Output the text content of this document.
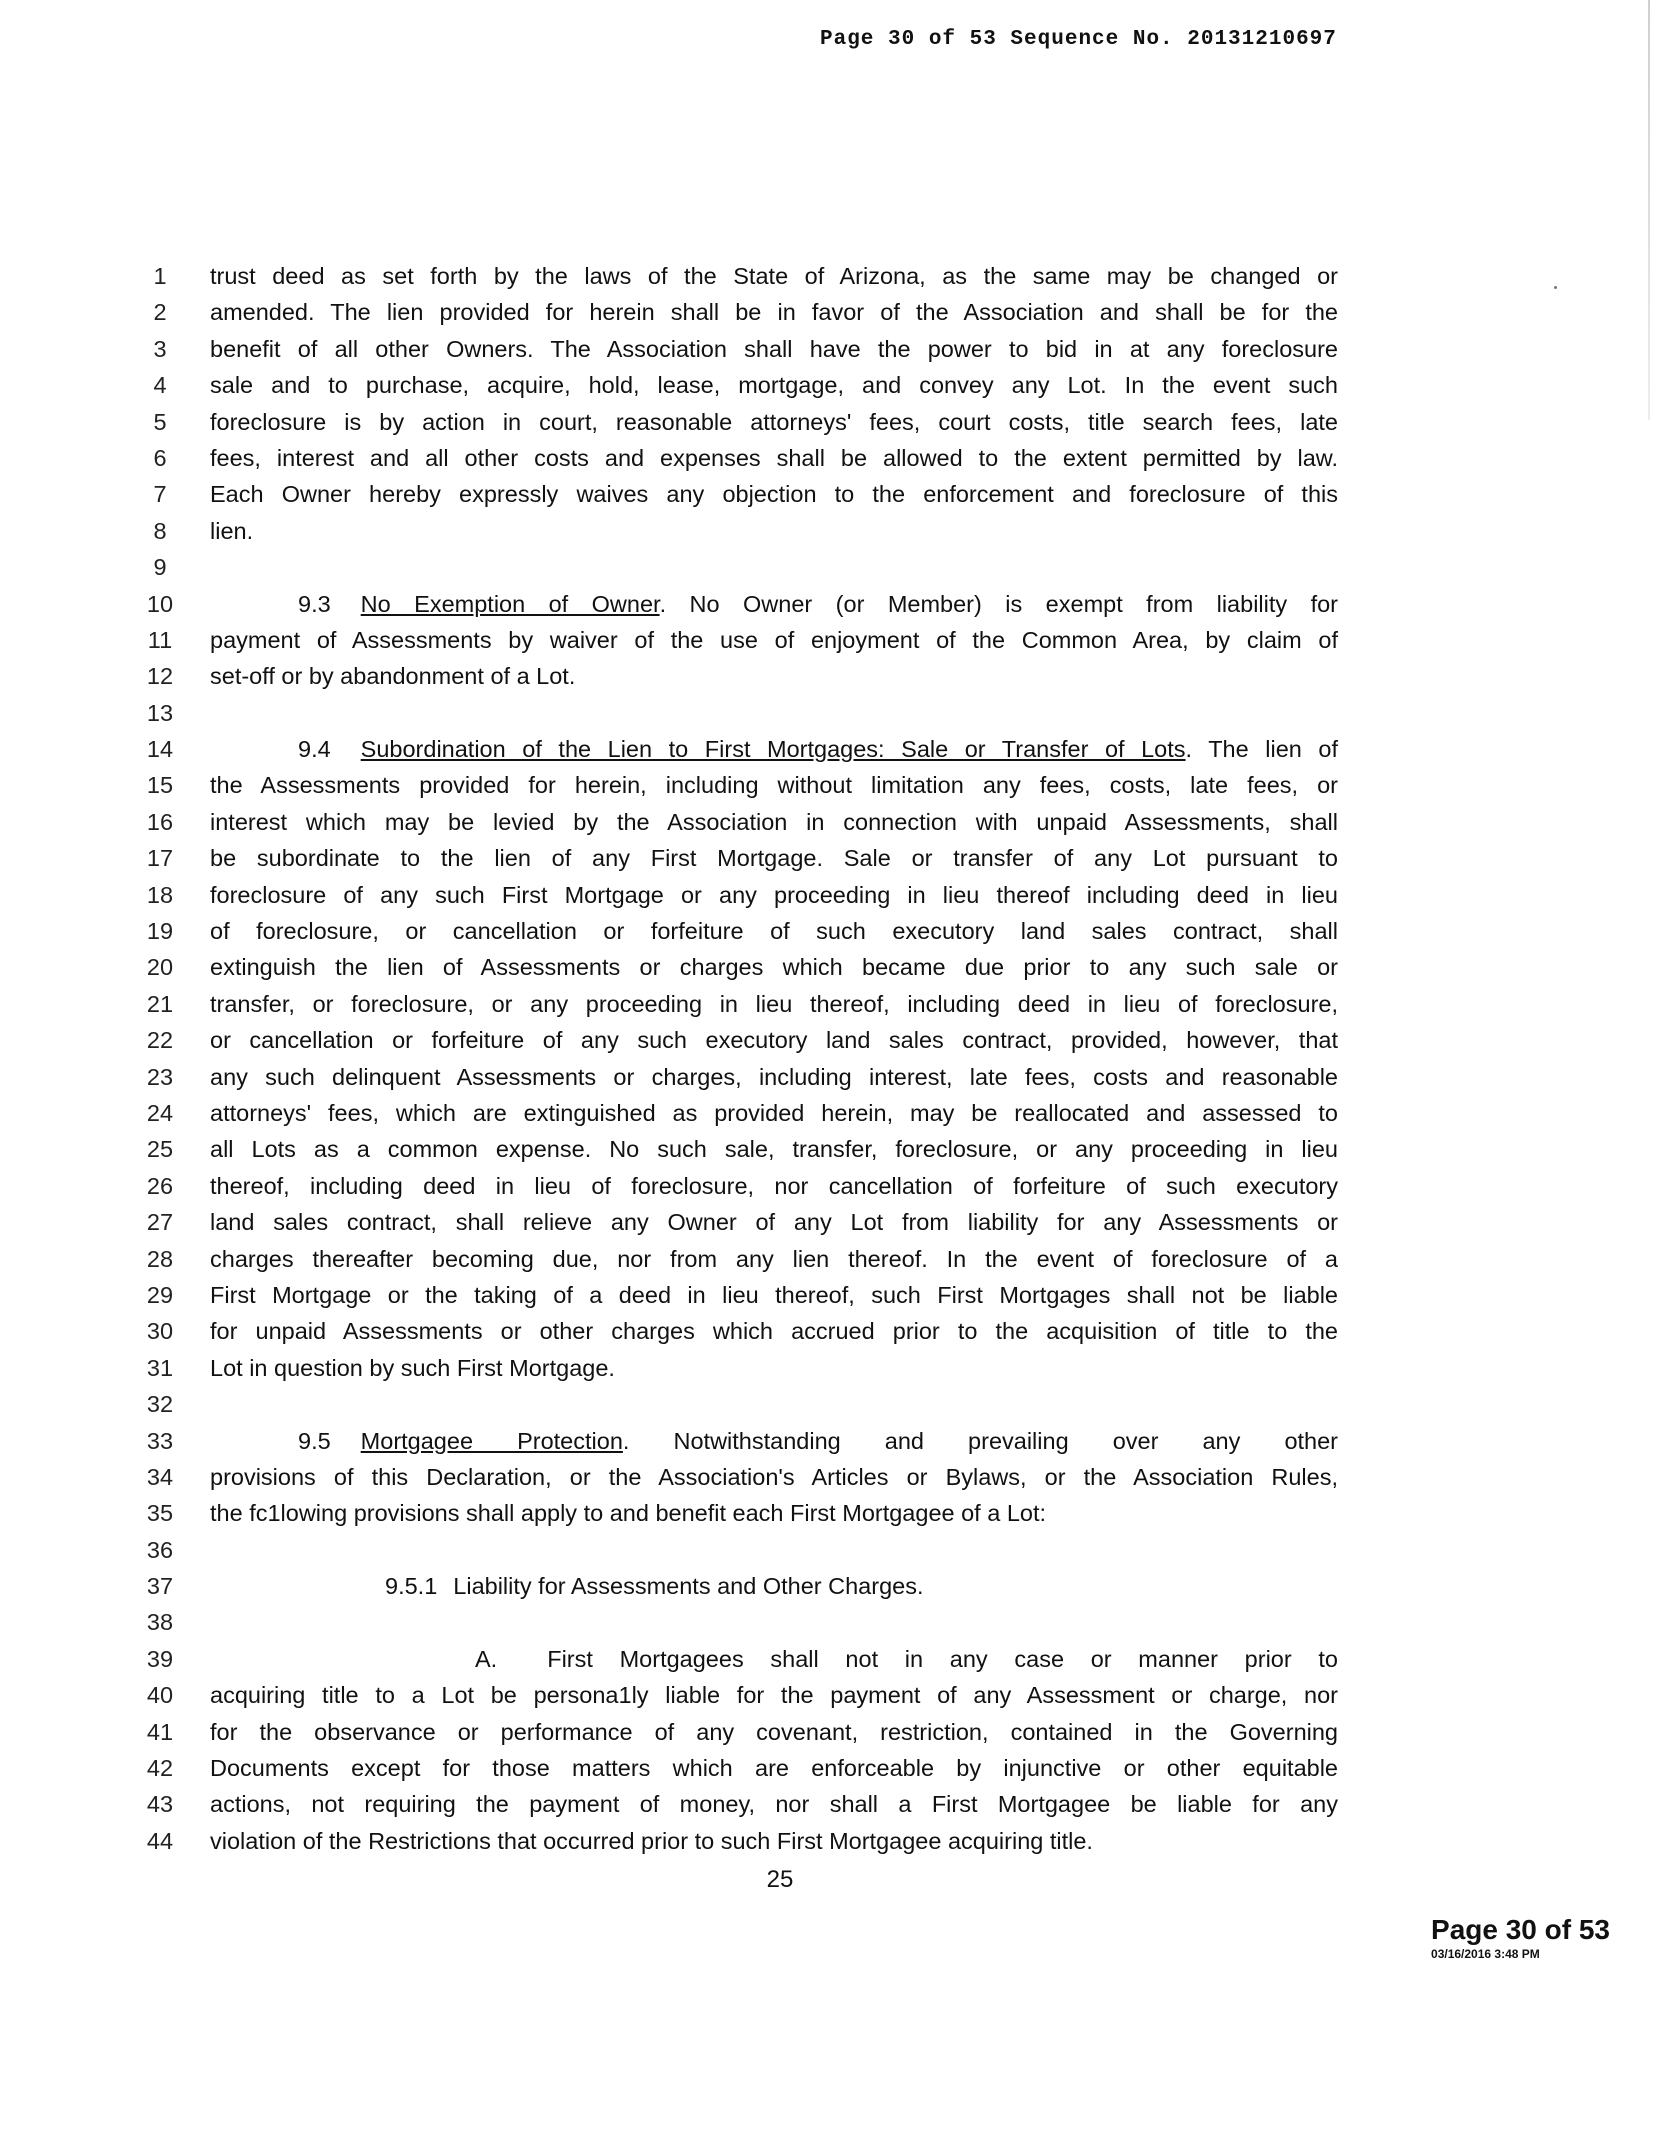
Page 30 of 53 Sequence No. 20131210697
1	trust deed as set forth by the laws of the State of Arizona, as the same may be changed or
2	amended. The lien provided for herein shall be in favor of the Association and shall be for the
3	benefit of all other Owners. The Association shall have the power to bid in at any foreclosure
4	sale and to purchase, acquire, hold, lease, mortgage, and convey any Lot. In the event such
5	foreclosure is by action in court, reasonable attorneys' fees, court costs, title search fees, late
6	fees, interest and all other costs and expenses shall be allowed to the extent permitted by law.
7	Each Owner hereby expressly waives any objection to the enforcement and foreclosure of this
8	lien.
9
10	9.3 No Exemption of Owner. No Owner (or Member) is exempt from liability for
11	payment of Assessments by waiver of the use of enjoyment of the Common Area, by claim of
12 set-off or by abandonment of a Lot.
13
14	9.4 Subordination of the Lien to First Mortgages: Sale or Transfer of Lots. The lien of
15 the Assessments provided for herein, including without limitation any fees, costs, late fees, or
16 interest which may be levied by the Association in connection with unpaid Assessments, shall
17 be subordinate to the lien of any First Mortgage. Sale or transfer of any Lot pursuant to
18 foreclosure of any such First Mortgage or any proceeding in lieu thereof including deed in lieu
19 of foreclosure, or cancellation or forfeiture of such executory land sales contract, shall
20 extinguish the lien of Assessments or charges which became due prior to any such sale or
21 transfer, or foreclosure, or any proceeding in lieu thereof, including deed in lieu of foreclosure,
22 or cancellation or forfeiture of any such executory land sales contract, provided, however, that
23 any such delinquent Assessments or charges, including interest, late fees, costs and reasonable
24 attorneys' fees, which are extinguished as provided herein, may be reallocated and assessed to
25 all Lots as a common expense. No such sale, transfer, foreclosure, or any proceeding in lieu
26 thereof, including deed in lieu of foreclosure, nor cancellation of forfeiture of such executory
27 land sales contract, shall relieve any Owner of any Lot from liability for any Assessments or
28 charges thereafter becoming due, nor from any lien thereof. In the event of foreclosure of a
29 First Mortgage or the taking of a deed in lieu thereof, such First Mortgages shall not be liable
30 for unpaid Assessments or other charges which accrued prior to the acquisition of title to the
31 Lot in question by such First Mortgage.
32
33	9.5 Mortgagee Protection. Notwithstanding and prevailing over any other
34 provisions of this Declaration, or the Association's Articles or Bylaws, or the Association Rules,
35 the fc1lowing provisions shall apply to and benefit each First Mortgagee of a Lot:
36
37	9.5.1 Liability for Assessments and Other Charges.
38
39	A. First Mortgagees shall not in any case or manner prior to
40 acquiring title to a Lot be persona1ly liable for the payment of any Assessment or charge, nor
41 for the observance or performance of any covenant, restriction, contained in the Governing
42 Documents except for those matters which are enforceable by injunctive or other equitable
43 actions, not requiring the payment of money, nor shall a First Mortgagee be liable for any
44 violation of the Restrictions that occurred prior to such First Mortgagee acquiring title.
25
Page 30 of 53
03/16/2016 3:48 PM
